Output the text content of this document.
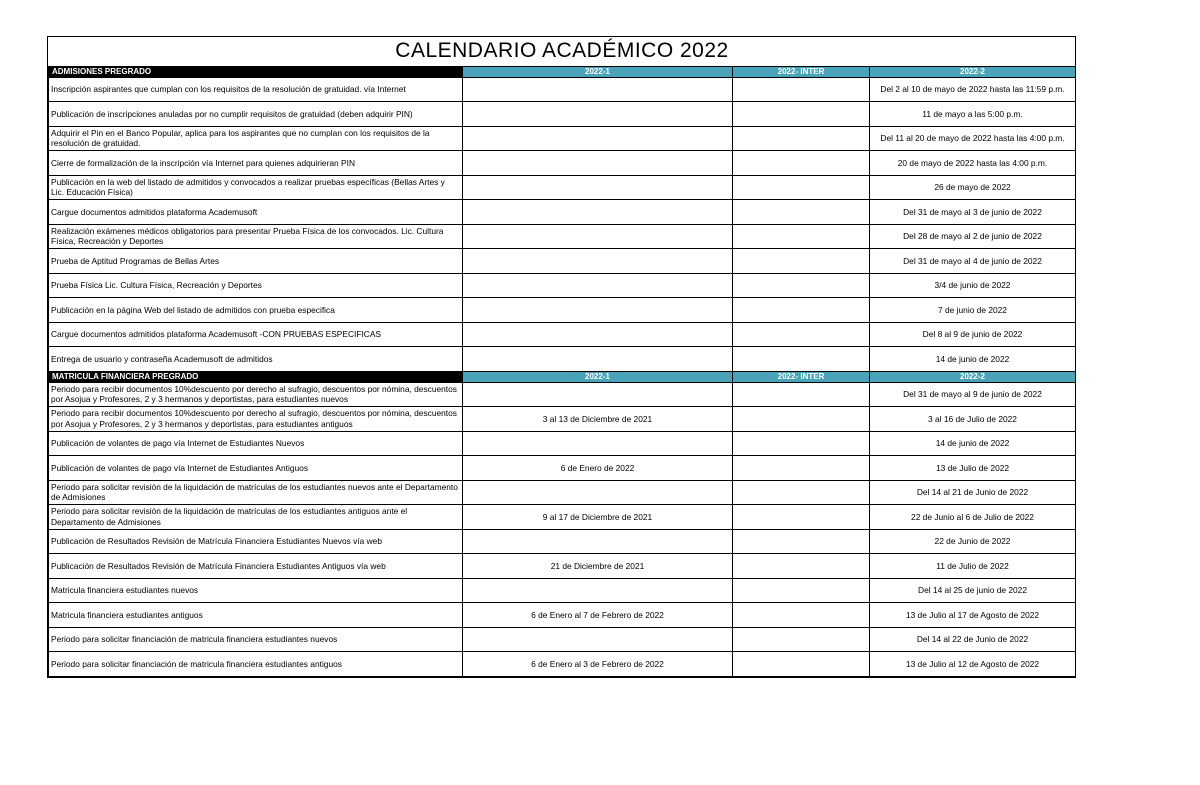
CALENDARIO ACADÉMICO 2022			
ADMISIONES PREGRADO	2022-1	2022- INTER	2022-2
Inscripción aspirantes que cumplan con los requisitos de la resolución de gratuidad. vía Internet			Del 2 al 10 de mayo de 2022 hasta las 11:59 p.m.
Publicación de inscripciones anuladas por no cumplir requisitos de gratuidad (deben adquirir PIN)			11 de mayo a las 5:00 p.m.
Adquirir el Pin en el Banco Popular, aplica para los aspirantes que no cumplan con los requisitos de la resolución de gratuidad.			Del 11 al 20 de mayo de 2022 hasta las 4:00 p.m.
Cierre de formalización de la inscripción vía Internet para quienes adquirieran PIN			20 de mayo de 2022 hasta las 4:00 p.m.
Publicación en la web del listado de admitidos y convocados a realizar pruebas específicas (Bellas Artes y Lic. Educación Física)			26 de mayo de 2022
Cargue documentos admitidos plataforma Academusoft			Del 31 de mayo al 3 de junio de 2022
Realización exámenes médicos obligatorios para presentar Prueba Física de los convocados. Lic. Cultura Física, Recreación y Deportes			Del 28 de mayo al 2 de junio de 2022
Prueba de Aptitud Programas de Bellas Artes			Del 31 de mayo al 4 de junio de 2022
Prueba Física Lic. Cultura Física, Recreación y Deportes			3/4 de junio de 2022
Publicación en la página Web del listado de admitidos con prueba especifica			7 de junio de 2022
Cargue documentos admitidos plataforma Academusoft -CON PRUEBAS ESPECIFICAS			Del 8 al 9 de junio de 2022
Entrega de usuario y contraseña Academusoft de admitidos			14 de junio de 2022
MATRICULA FINANCIERA PREGRADO	2022-1	2022- INTER	2022-2
Periodo para recibir documentos 10%descuento por derecho al sufragio, descuentos por nómina, descuentos por Asojua y Profesores, 2 y 3 hermanos y deportistas, para estudiantes nuevos			Del 31 de mayo al 9 de junio de 2022
Periodo para recibir documentos 10%descuento por derecho al sufragio, descuentos por nómina, descuentos por Asojua y Profesores, 2 y 3 hermanos y deportistas, para estudiantes antiguos	3 al 13 de Diciembre de 2021		3 al 16 de Julio de 2022
Publicación de volantes de pago vía Internet de Estudiantes Nuevos			14 de junio de 2022
Publicación de volantes de pago vía Internet de Estudiantes Antiguos	6 de Enero de 2022		13 de Julio de 2022
Periodo para solicitar revisión de la liquidación de matrículas de los estudiantes nuevos ante el Departamento de Admisiones			Del 14 al 21 de Junio de 2022
Periodo para solicitar revisión de la liquidación de matrículas de los estudiantes antiguos ante el Departamento de Admisiones	9 al 17 de Diciembre de 2021		22 de Junio al 6 de Julio de 2022
Publicación de Resultados Revisión de Matrícula Financiera Estudiantes Nuevos vía web			22 de Junio de 2022
Publicación de Resultados Revisión de Matrícula Financiera Estudiantes Antiguos vía web	21 de Diciembre de 2021		11 de Julio de 2022
Matricula financiera estudiantes nuevos			Del 14 al 25 de junio de 2022
Matricula financiera estudiantes antiguos	6 de Enero al 7 de Febrero de 2022		13 de Julio al 17 de Agosto de 2022
Periodo para solicitar financiación de matricula financiera estudiantes nuevos			Del 14 al 22 de Junio de 2022
Periodo para solicitar financiación de matricula financiera estudiantes antiguos	6 de Enero al 3 de Febrero de 2022		13 de Julio al 12 de Agosto de 2022
